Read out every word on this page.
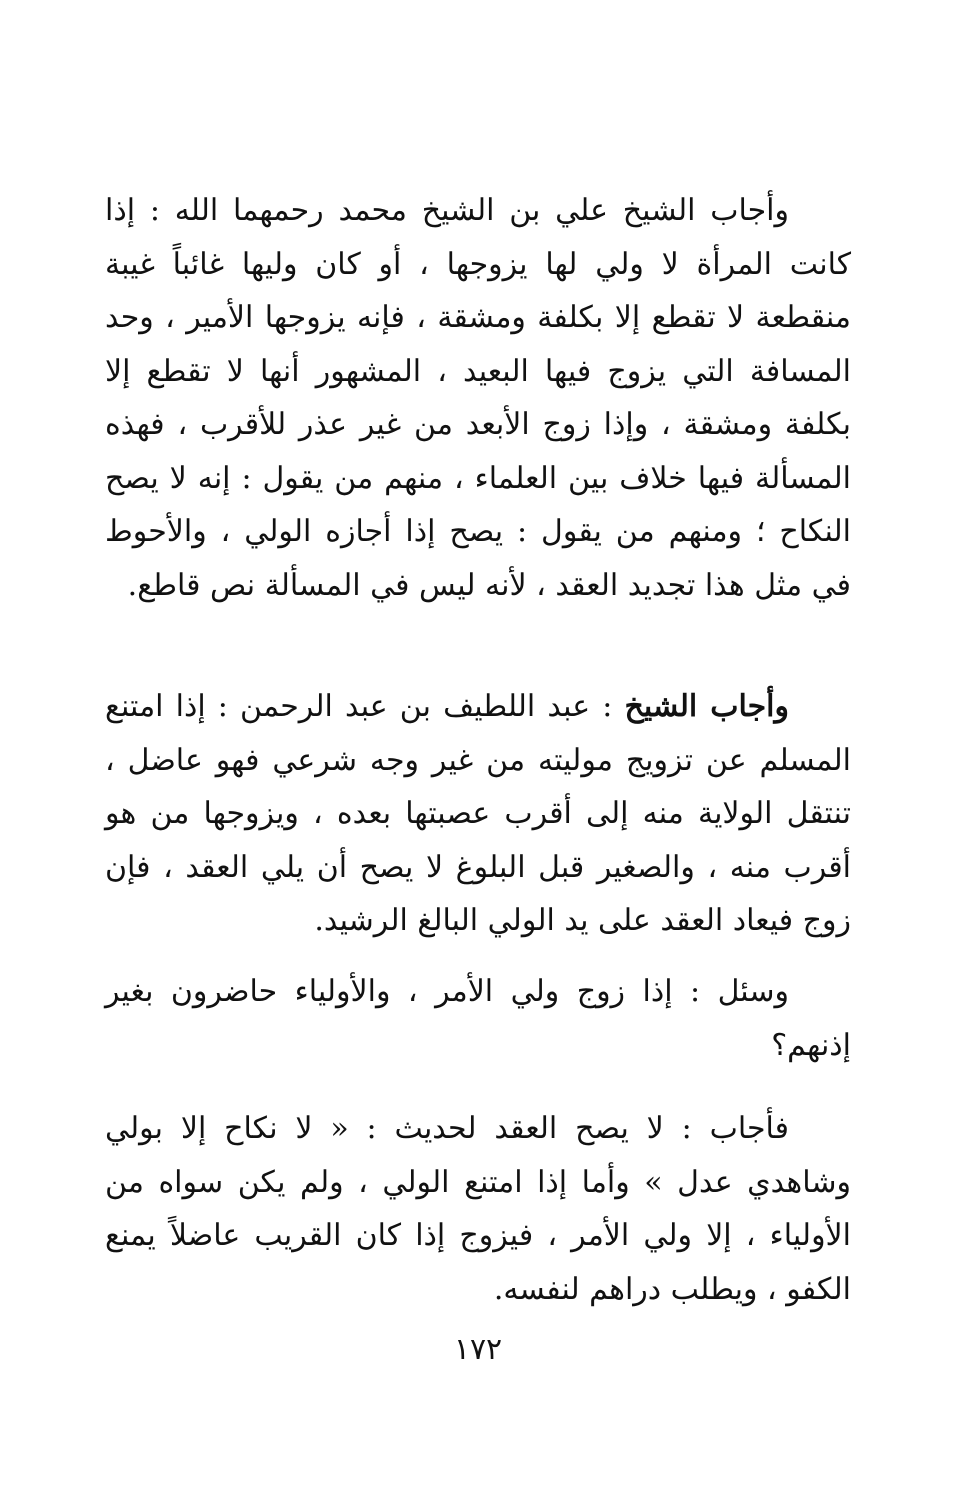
وأجاب الشيخ علي بن الشيخ محمد رحمهما الله : إذا كانت المرأة لا ولي لها يزوجها ، أو كان وليها غائباً غيبة منقطعة لا تقطع إلا بكلفة ومشقة ، فإنه يزوجها الأمير ، وحد المسافة التي يزوج فيها البعيد ، المشهور أنها لا تقطع إلا بكلفة ومشقة ، وإذا زوج الأبعد من غير عذر للأقرب ، فهذه المسألة فيها خلاف بين العلماء ، منهم من يقول : إنه لا يصح النكاح ؛ ومنهم من يقول : يصح إذا أجازه الولي ، والأحوط في مثل هذا تجديد العقد ، لأنه ليس في المسألة نص قاطع.

وأجاب الشيخ : عبد اللطيف بن عبد الرحمن : إذا امتنع المسلم عن تزويج موليته من غير وجه شرعي فهو عاضل ، تنتقل الولاية منه إلى أقرب عصبتها بعده ، ويزوجها من هو أقرب منه ، والصغير قبل البلوغ لا يصح أن يلي العقد ، فإن زوج فيعاد العقد على يد الولي البالغ الرشيد.

وسئل : إذا زوج ولي الأمر ، والأولياء حاضرون بغير إذنهم؟

فأجاب : لا يصح العقد لحديث : « لا نكاح إلا بولي وشاهدي عدل » وأما إذا امتنع الولي ، ولم يكن سواه من الأولياء ، إلا ولي الأمر ، فيزوج إذا كان القريب عاضلاً يمنع الكفو ، ويطلب دراهم لنفسه.

١٧٢
